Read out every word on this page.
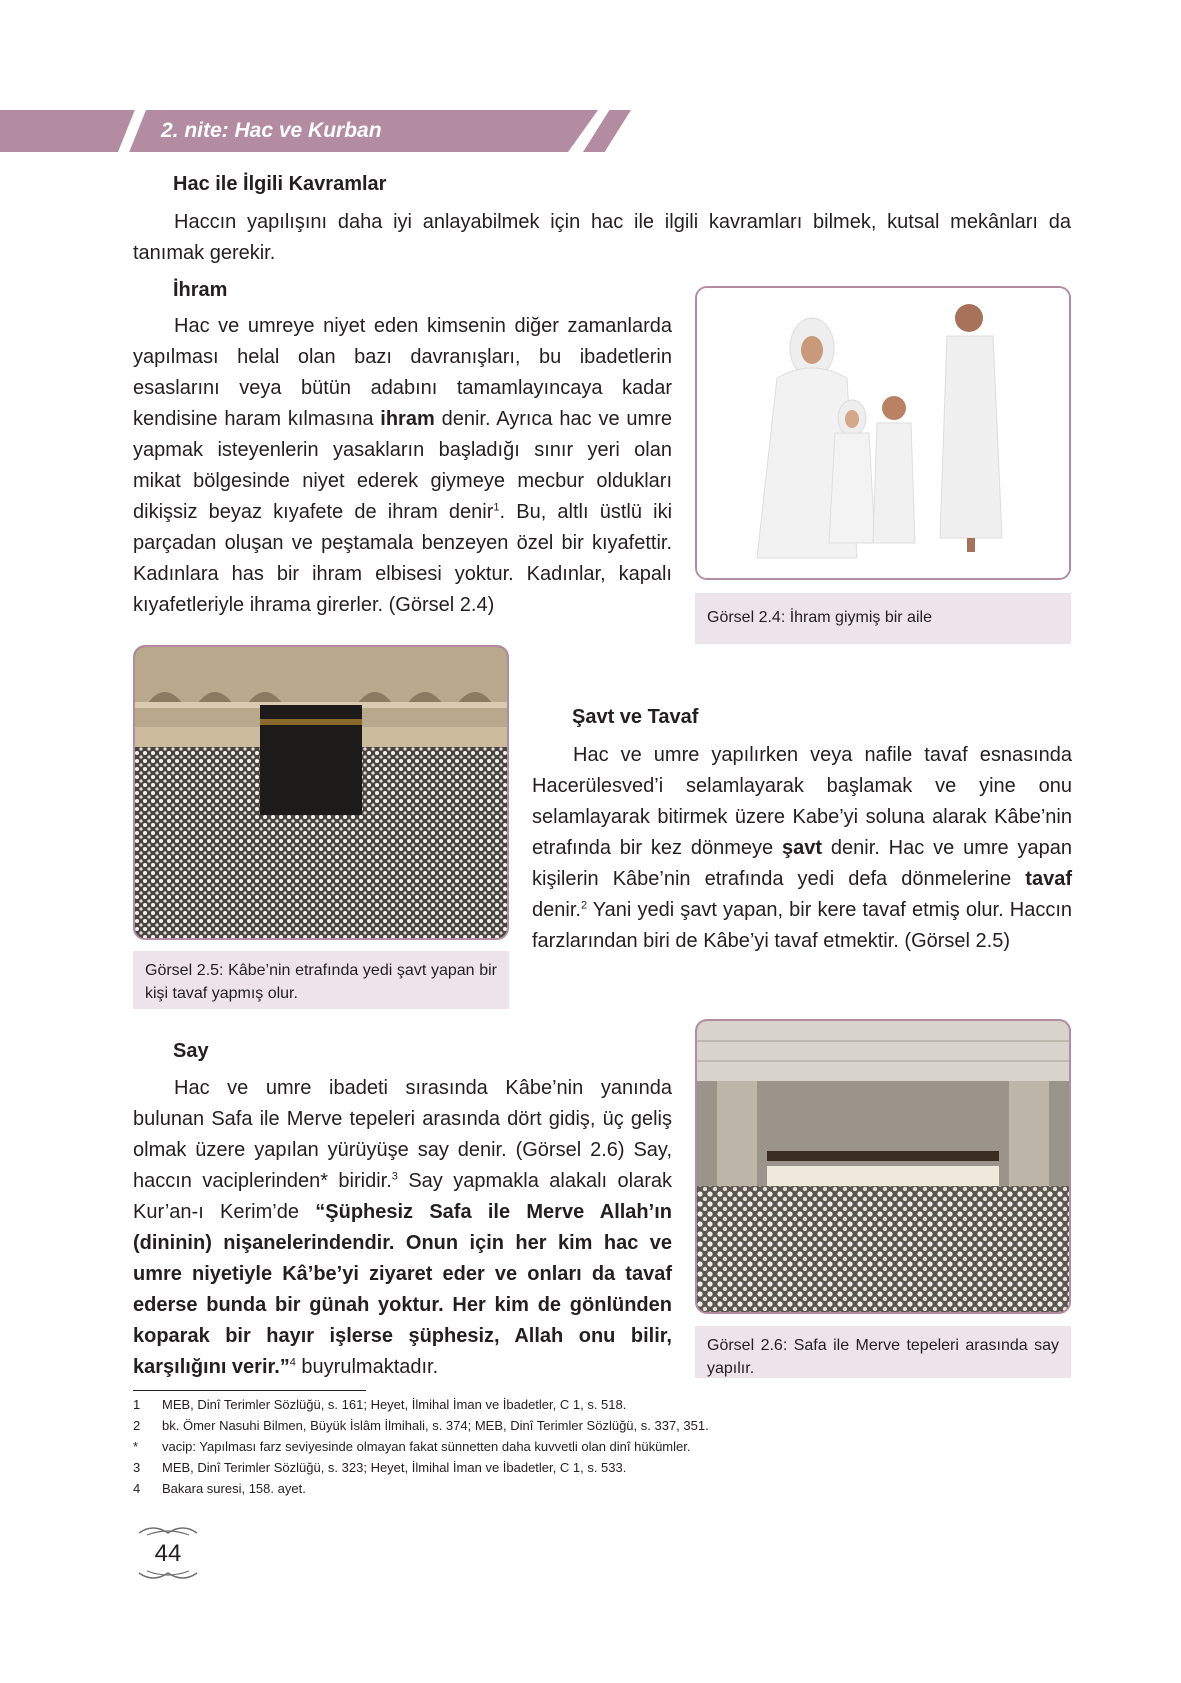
2. nite: Hac ve Kurban
Hac ile İlgili Kavramlar
Haccın yapılışını daha iyi anlayabilmek için hac ile ilgili kavramları bilmek, kutsal mekânları da tanımak gerekir.
İhram
Hac ve umreye niyet eden kimsenin diğer zamanlarda yapılması helal olan bazı davranışları, bu ibadetlerin esaslarını veya bütün adabını tamamlayıncaya kadar kendisine haram kılmasına ihram denir. Ayrıca hac ve umre yapmak isteyenlerin yasakların başladığı sınır yeri olan mikat bölgesinde niyet ederek giymeye mecbur oldukları dikişsiz beyaz kıyafete de ihram denir$^1$. Bu, altlı üstlü iki parçadan oluşan ve peştamala benzeyen özel bir kıyafettir. Kadınlara has bir ihram elbisesi yoktur. Kadınlar, kapalı kıyafetleriyle ihrama girerler. (Görsel 2.4)
Görsel 2.4: İhram giymiş bir aile
Görsel 2.5: Kâbe’nin etrafında yedi şavt yapan bir kişi tavaf yapmış olur.
Şavt ve Tavaf
Hac ve umre yapılırken veya nafile tavaf esnasında Hacerülesved’i selamlayarak başlamak ve yine onu selamlayarak bitirmek üzere Kabe’yi soluna alarak Kâbe’nin etrafında bir kez dönmeye şavt denir. Hac ve umre yapan kişilerin Kâbe’nin etrafında yedi defa dönmelerine tavaf denir.$^2$ Yani yedi şavt yapan, bir kere tavaf etmiş olur. Haccın farzlarından biri de Kâbe’yi tavaf etmektir. (Görsel 2.5)
Say
Hac ve umre ibadeti sırasında Kâbe’nin yanında bulunan Safa ile Merve tepeleri arasında dört gidiş, üç geliş olmak üzere yapılan yürüyüşe say denir. (Görsel 2.6) Say, haccın vaciplerinden* biridir.$^3$ Say yapmakla alakalı olarak Kur’an-ı Kerim’de “Şüphesiz Safa ile Merve Allah’ın (dininin) nişanelerindendir. Onun için her kim hac ve umre niyetiyle Kâ’be’yi ziyaret eder ve onları da tavaf ederse bunda bir günah yoktur. Her kim de gönlünden koparak bir hayır işlerse şüphesiz, Allah onu bilir, karşılığını verir.”$^4$ buyrulmaktadır.
Görsel 2.6: Safa ile Merve tepeleri arasında say yapılır.
1 MEB, Dinî Terimler Sözlüğü, s. 161; Heyet, İlmihal İman ve İbadetler, C 1, s. 518.
2 bk. Ömer Nasuhi Bilmen, Büyük İslâm İlmihali, s. 374; MEB, Dinî Terimler Sözlüğü, s. 337, 351.
* vacip: Yapılması farz seviyesinde olmayan fakat sünnetten daha kuvvetli olan dinî hükümler.
3 MEB, Dinî Terimler Sözlüğü, s. 323; Heyet, İlmihal İman ve İbadetler, C 1, s. 533.
4 Bakara suresi, 158. ayet.
44
